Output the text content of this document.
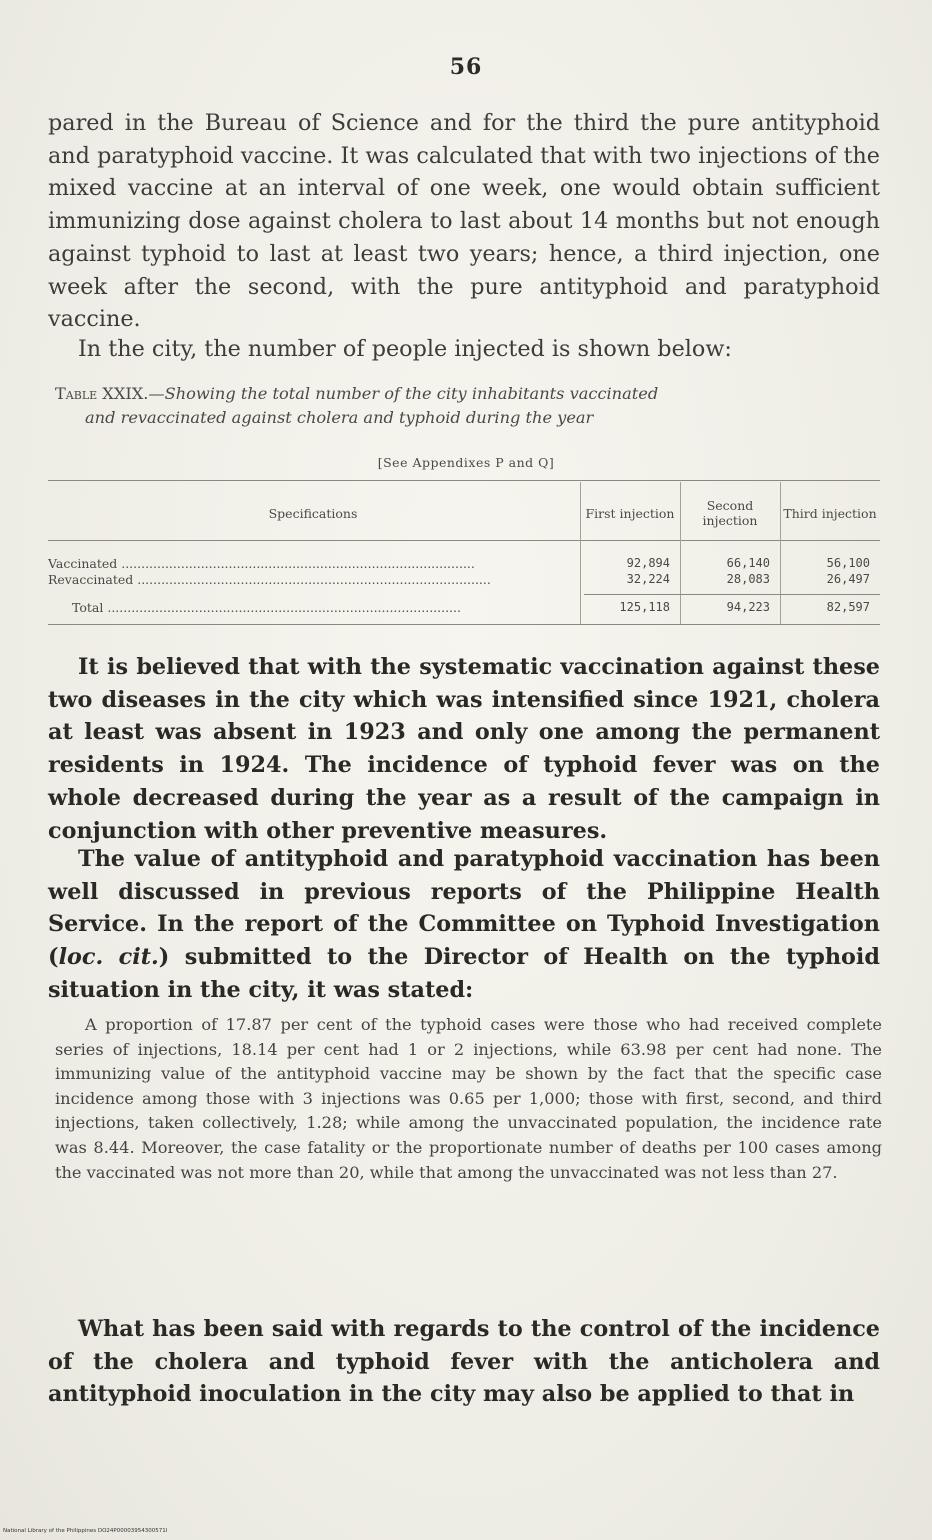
56

pared in the Bureau of Science and for the third the pure antityphoid and paratyphoid vaccine. It was calculated that with two injections of the mixed vaccine at an interval of one week, one would obtain sufficient immunizing dose against cholera to last about 14 months but not enough against typhoid to last at least two years; hence, a third injection, one week after the second, with the pure antityphoid and paratyphoid vaccine.

In the city, the number of people injected is shown below:

Table XXIX.—Showing the total number of the city inhabitants vaccinated
and revaccinated against cholera and typhoid during the year
[See Appendixes P and Q]
Specifications	First injection	Second injection	Third injection
Vaccinated .........................................................................................	92,894	66,140	56,100
Revaccinated .........................................................................................	32,224	28,083	26,497
Total .........................................................................................	125,118	94,223	82,597

It is believed that with the systematic vaccination against these two diseases in the city which was intensified since 1921, cholera at least was absent in 1923 and only one among the permanent residents in 1924. The incidence of typhoid fever was on the whole decreased during the year as a result of the campaign in conjunction with other preventive measures.

The value of antityphoid and paratyphoid vaccination has been well discussed in previous reports of the Philippine Health Service. In the report of the Committee on Typhoid Investigation (loc. cit.) submitted to the Director of Health on the typhoid situation in the city, it was stated:

A proportion of 17.87 per cent of the typhoid cases were those who had received complete series of injections, 18.14 per cent had 1 or 2 injections, while 63.98 per cent had none. The immunizing value of the antityphoid vaccine may be shown by the fact that the specific case incidence among those with 3 injections was 0.65 per 1,000; those with first, second, and third injections, taken collectively, 1.28; while among the unvaccinated population, the incidence rate was 8.44. Moreover, the case fatality or the proportionate number of deaths per 100 cases among the vaccinated was not more than 20, while that among the unvaccinated was not less than 27.

What has been said with regards to the control of the incidence of the cholera and typhoid fever with the anticholera and antityphoid inoculation in the city may also be applied to that in

National Library of the Philippines DO24P00003954300571I
